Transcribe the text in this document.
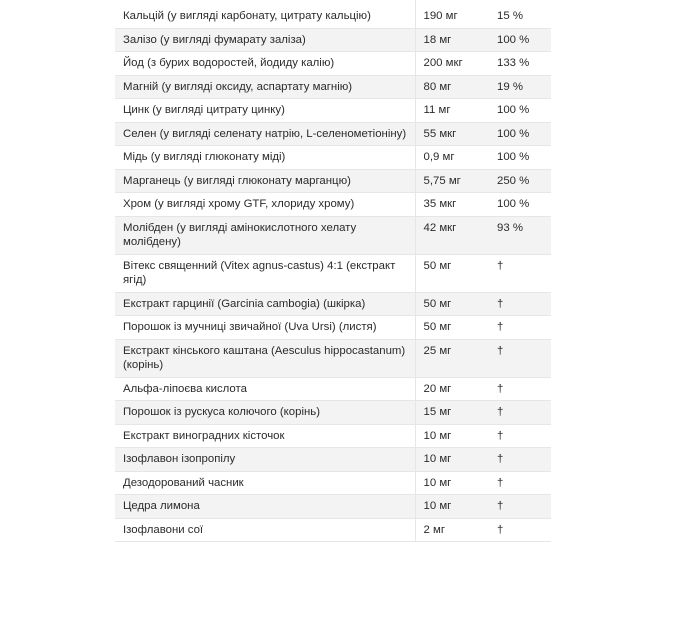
Кальцій (у вигляді карбонату, цитрату кальцію)	190 мг	15 %
Залізо (у вигляді фумарату заліза)	18 мг	100 %
Йод (з бурих водоростей, йодиду калію)	200 мкг	133 %
Магній (у вигляді оксиду, аспартату магнію)	80 мг	19 %
Цинк (у вигляді цитрату цинку)	11 мг	100 %
Селен (у вигляді селенату натрію, L-селенометіоніну)	55 мкг	100 %
Мідь (у вигляді глюконату міді)	0,9 мг	100 %
Марганець (у вигляді глюконату марганцю)	5,75 мг	250 %
Хром (у вигляді хрому GTF, хлориду хрому)	35 мкг	100 %
Молібден (у вигляді амінокислотного хелату молібдену)	42 мкг	93 %
Вітекс священний (Vitex agnus-castus) 4:1 (екстракт ягід)	50 мг	†
Екстракт гарцинії (Garcinia cambogia) (шкірка)	50 мг	†
Порошок із мучниці звичайної (Uva Ursi) (листя)	50 мг	†
Екстракт кінського каштана (Aesculus hippocastanum) (корінь)	25 мг	†
Альфа-ліпоєва кислота	20 мг	†
Порошок із рускуса колючого (корінь)	15 мг	†
Екстракт виноградних кісточок	10 мг	†
Ізофлавон ізопропілу	10 мг	†
Дезодорований часник	10 мг	†
Цедра лимона	10 мг	†
Ізофлавони сої	2 мг	†
